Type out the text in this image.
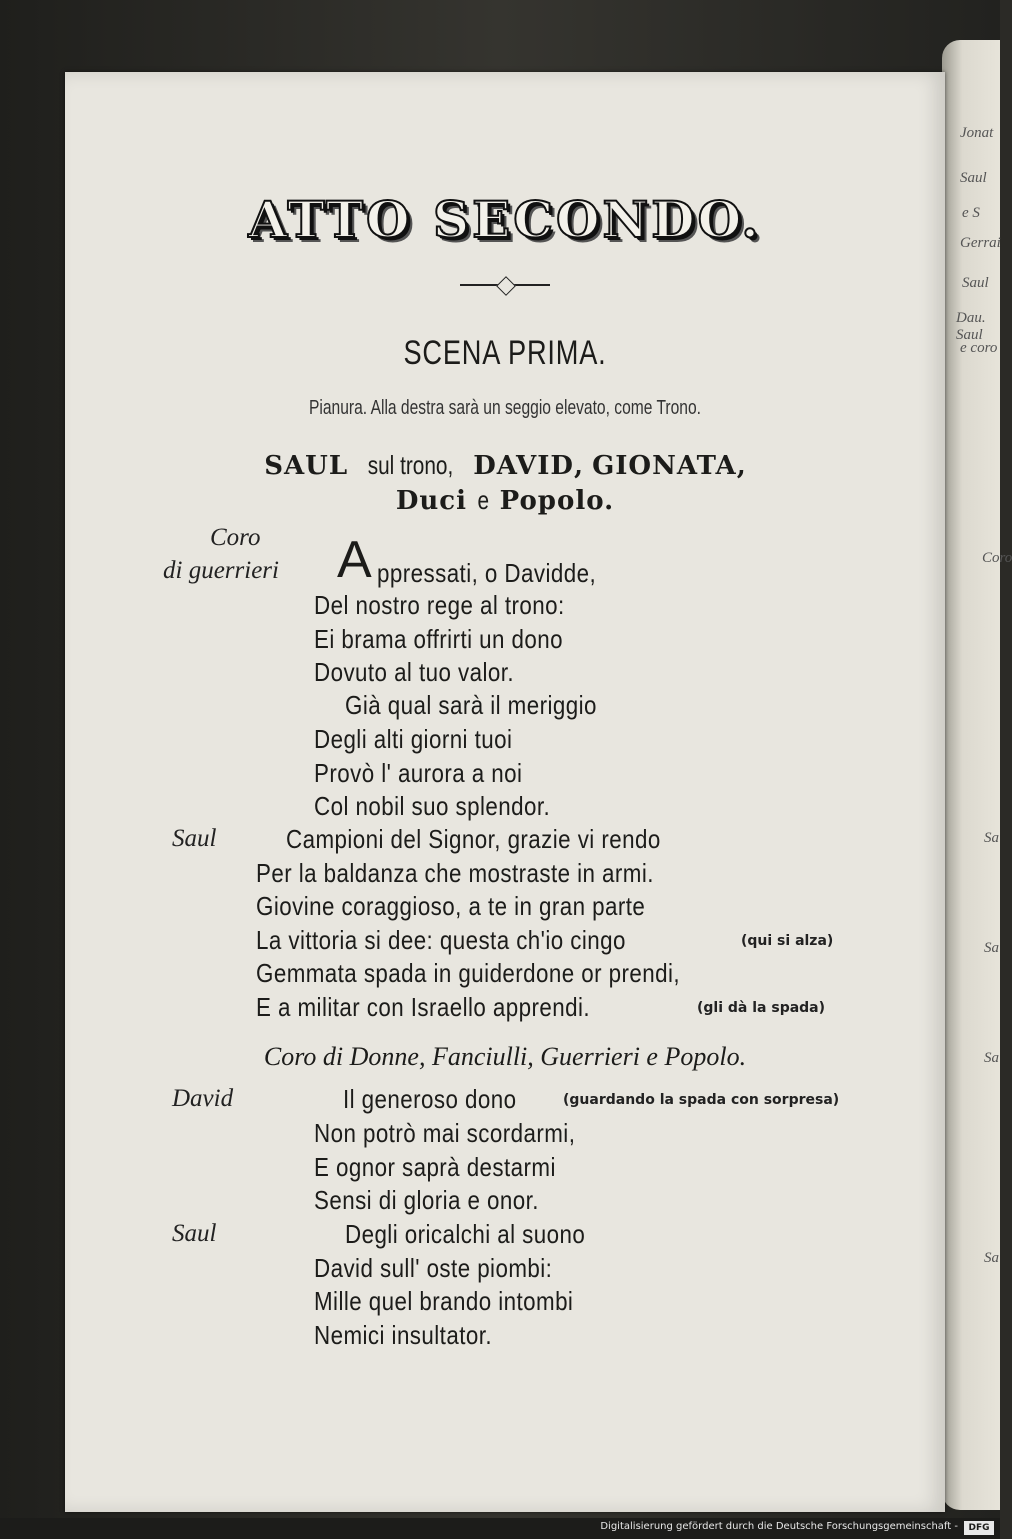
Jonat
Saul
e S
Gerrai
Saul
Dau. Saul
e coro
Coro
Sa
Sa
Sa
Sa
ATTO SECONDO.
SCENA PRIMA.
Pianura. Alla destra sarà un seggio elevato, come Trono.
SAUL sul trono, DAVID, GIONATA,
Duci e Popolo.
Coro
di guerrieri A ppressati, o Davidde,
Del nostro rege al trono:
Ei brama offrirti un dono
Dovuto al tuo valor.
Già qual sarà il meriggio
Degli alti giorni tuoi
Provò l' aurora a noi
Col nobil suo splendor.
Saul	Campioni del Signor, grazie vi rendo
Per la baldanza che mostraste in armi.
Giovine coraggioso, a te in gran parte
La vittoria si dee: questa ch'io cingo	(qui si alza)
Gemmata spada in guiderdone or prendi,
E a militar con Israello apprendi.	(gli dà la spada)
Coro di Donne, Fanciulli, Guerrieri e Popolo.
David	Il generoso dono	(guardando la spada con sorpresa)
Non potrò mai scordarmi,
E ognor saprà destarmi
Sensi di gloria e onor.
Saul	Degli oricalchi al suono
David sull' oste piombi:
Mille quel brando intombi
Nemici insultator.
Digitalisierung gefördert durch die Deutsche Forschungsgemeinschaft -	DFG
